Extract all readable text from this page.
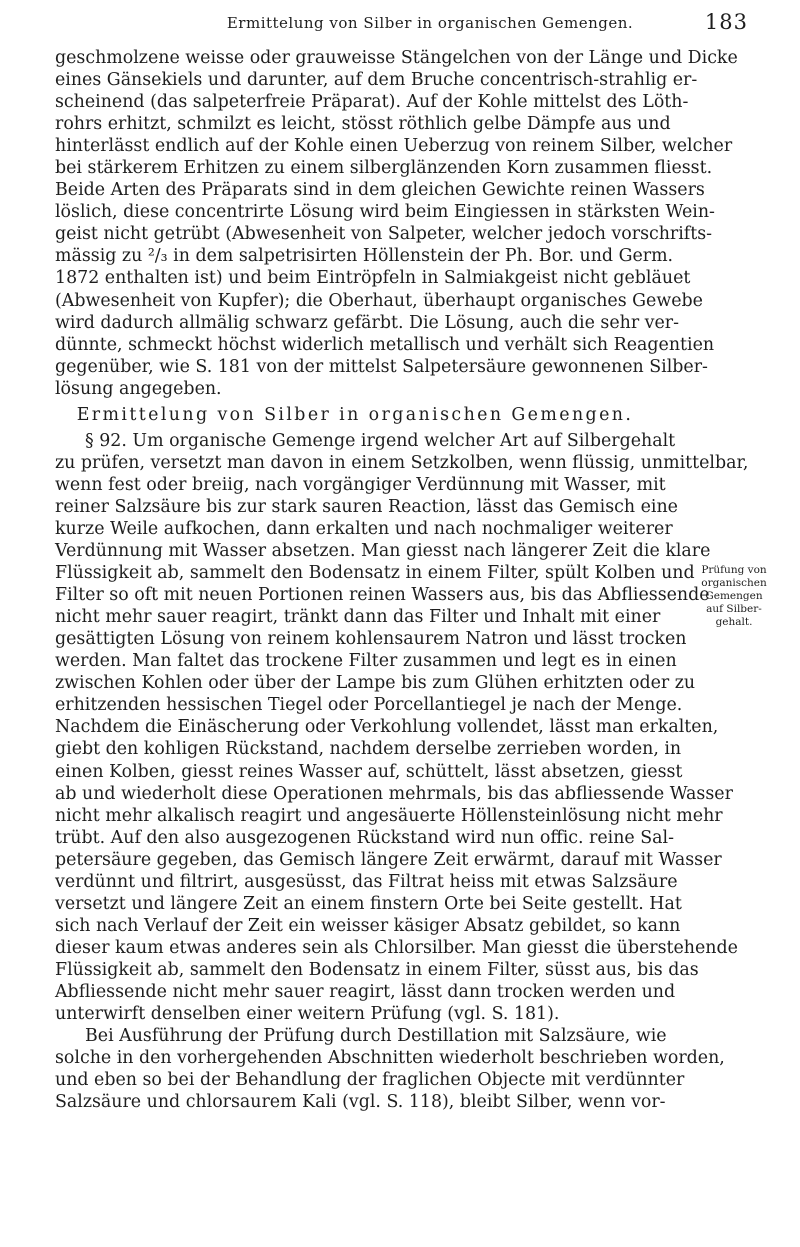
Ermittelung von Silber in organischen Gemengen.	183
geschmolzene weisse oder grauweisse Stängelchen von der Länge und Dicke
eines Gänsekiels und darunter, auf dem Bruche concentrisch-strahlig er-
scheinend (das salpeterfreie Präparat). Auf der Kohle mittelst des Löth-
rohrs erhitzt, schmilzt es leicht, stösst röthlich gelbe Dämpfe aus und
hinterlässt endlich auf der Kohle einen Ueberzug von reinem Silber, welcher
bei stärkerem Erhitzen zu einem silberglänzenden Korn zusammen fliesst.
Beide Arten des Präparats sind in dem gleichen Gewichte reinen Wassers
löslich, diese concentrirte Lösung wird beim Eingiessen in stärksten Wein-
geist nicht getrübt (Abwesenheit von Salpeter, welcher jedoch vorschrifts-
mässig zu ²/₃ in dem salpetrisirten Höllenstein der Ph. Bor. und Germ.
1872 enthalten ist) und beim Eintröpfeln in Salmiakgeist nicht gebläuet
(Abwesenheit von Kupfer); die Oberhaut, überhaupt organisches Gewebe
wird dadurch allmälig schwarz gefärbt. Die Lösung, auch die sehr ver-
dünnte, schmeckt höchst widerlich metallisch und verhält sich Reagentien
gegenüber, wie S. 181 von der mittelst Salpetersäure gewonnenen Silber-
lösung angegeben.
Ermittelung von Silber in organischen Gemengen.
§ 92. Um organische Gemenge irgend welcher Art auf Silbergehalt
zu prüfen, versetzt man davon in einem Setzkolben, wenn flüssig, unmittelbar,
wenn fest oder breiig, nach vorgängiger Verdünnung mit Wasser, mit
reiner Salzsäure bis zur stark sauren Reaction, lässt das Gemisch eine
kurze Weile aufkochen, dann erkalten und nach nochmaliger weiterer
Verdünnung mit Wasser absetzen. Man giesst nach längerer Zeit die klare
Flüssigkeit ab, sammelt den Bodensatz in einem Filter, spült Kolben und
Filter so oft mit neuen Portionen reinen Wassers aus, bis das Abfliessende
nicht mehr sauer reagirt, tränkt dann das Filter und Inhalt mit einer
gesättigten Lösung von reinem kohlensaurem Natron und lässt trocken
werden. Man faltet das trockene Filter zusammen und legt es in einen
zwischen Kohlen oder über der Lampe bis zum Glühen erhitzten oder zu
erhitzenden hessischen Tiegel oder Porcellantiegel je nach der Menge.
Nachdem die Einäscherung oder Verkohlung vollendet, lässt man erkalten,
giebt den kohligen Rückstand, nachdem derselbe zerrieben worden, in
einen Kolben, giesst reines Wasser auf, schüttelt, lässt absetzen, giesst
ab und wiederholt diese Operationen mehrmals, bis das abfliessende Wasser
nicht mehr alkalisch reagirt und angesäuerte Höllensteinlösung nicht mehr
trübt. Auf den also ausgezogenen Rückstand wird nun offic. reine Sal-
petersäure gegeben, das Gemisch längere Zeit erwärmt, darauf mit Wasser
verdünnt und filtrirt, ausgesüsst, das Filtrat heiss mit etwas Salzsäure
versetzt und längere Zeit an einem finstern Orte bei Seite gestellt. Hat
sich nach Verlauf der Zeit ein weisser käsiger Absatz gebildet, so kann
dieser kaum etwas anderes sein als Chlorsilber. Man giesst die überstehende
Flüssigkeit ab, sammelt den Bodensatz in einem Filter, süsst aus, bis das
Abfliessende nicht mehr sauer reagirt, lässt dann trocken werden und
unterwirft denselben einer weitern Prüfung (vgl. S. 181).
Bei Ausführung der Prüfung durch Destillation mit Salzsäure, wie
solche in den vorhergehenden Abschnitten wiederholt beschrieben worden,
und eben so bei der Behandlung der fraglichen Objecte mit verdünnter
Salzsäure und chlorsaurem Kali (vgl. S. 118), bleibt Silber, wenn vor-
Prüfung von
organischen
Gemengen
auf Silber-
gehalt.
